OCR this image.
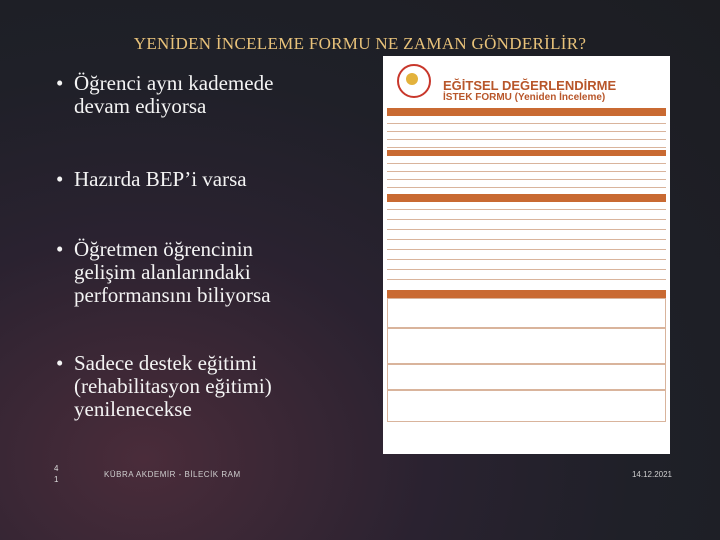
YENİDEN İNCELEME FORMU NE ZAMAN GÖNDERİLİR?
• Öğrenci aynı kademede
devam ediyorsa
• Hazırda BEP’i varsa
• Öğretmen öğrencinin
gelişim alanlarındaki
performansını biliyorsa
• Sadece destek eğitimi
(rehabilitasyon eğitimi)
yenilenecekse
EĞİTSEL DEĞERLENDİRME
İSTEK FORMU (Yeniden İnceleme)
4
1
KÜBRA AKDEMİR - BİLECİK RAM	14.12.2021
